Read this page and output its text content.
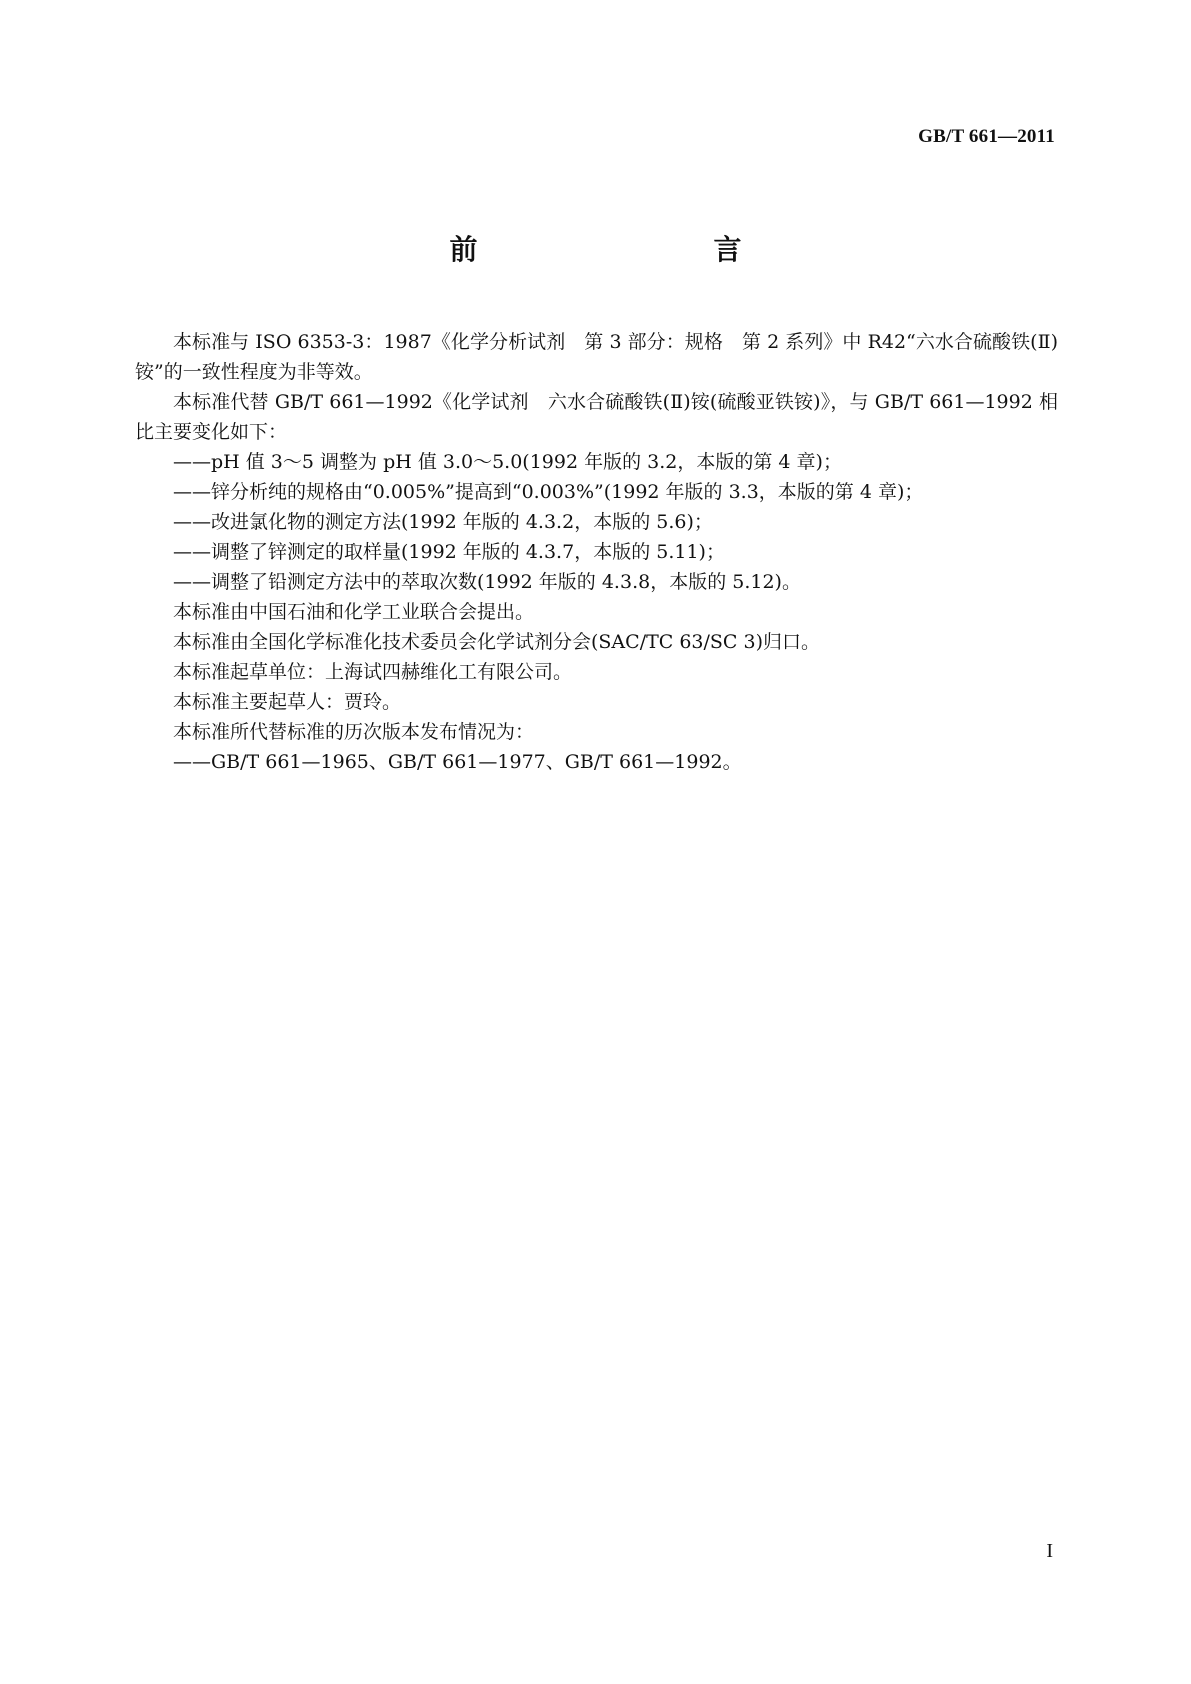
GB/T 661—2011
前　　言

本标准与 ISO 6353-3：1987《化学分析试剂　第 3 部分：规格　第 2 系列》中 R42“六水合硫酸铁(Ⅱ)铵”的一致性程度为非等效。

本标准代替 GB/T 661—1992《化学试剂　六水合硫酸铁(Ⅱ)铵(硫酸亚铁铵)》，与 GB/T 661—1992 相比主要变化如下：

——pH 值 3～5 调整为 pH 值 3.0～5.0(1992 年版的 3.2，本版的第 4 章)；

——锌分析纯的规格由“0.005%”提高到“0.003%”(1992 年版的 3.3，本版的第 4 章)；

——改进氯化物的测定方法(1992 年版的 4.3.2，本版的 5.6)；

——调整了锌测定的取样量(1992 年版的 4.3.7，本版的 5.11)；

——调整了铅测定方法中的萃取次数(1992 年版的 4.3.8，本版的 5.12)。

本标准由中国石油和化学工业联合会提出。

本标准由全国化学标准化技术委员会化学试剂分会(SAC/TC 63/SC 3)归口。

本标准起草单位：上海试四赫维化工有限公司。

本标准主要起草人：贾玲。

本标准所代替标准的历次版本发布情况为：

——GB/T 661—1965、GB/T 661—1977、GB/T 661—1992。

I
